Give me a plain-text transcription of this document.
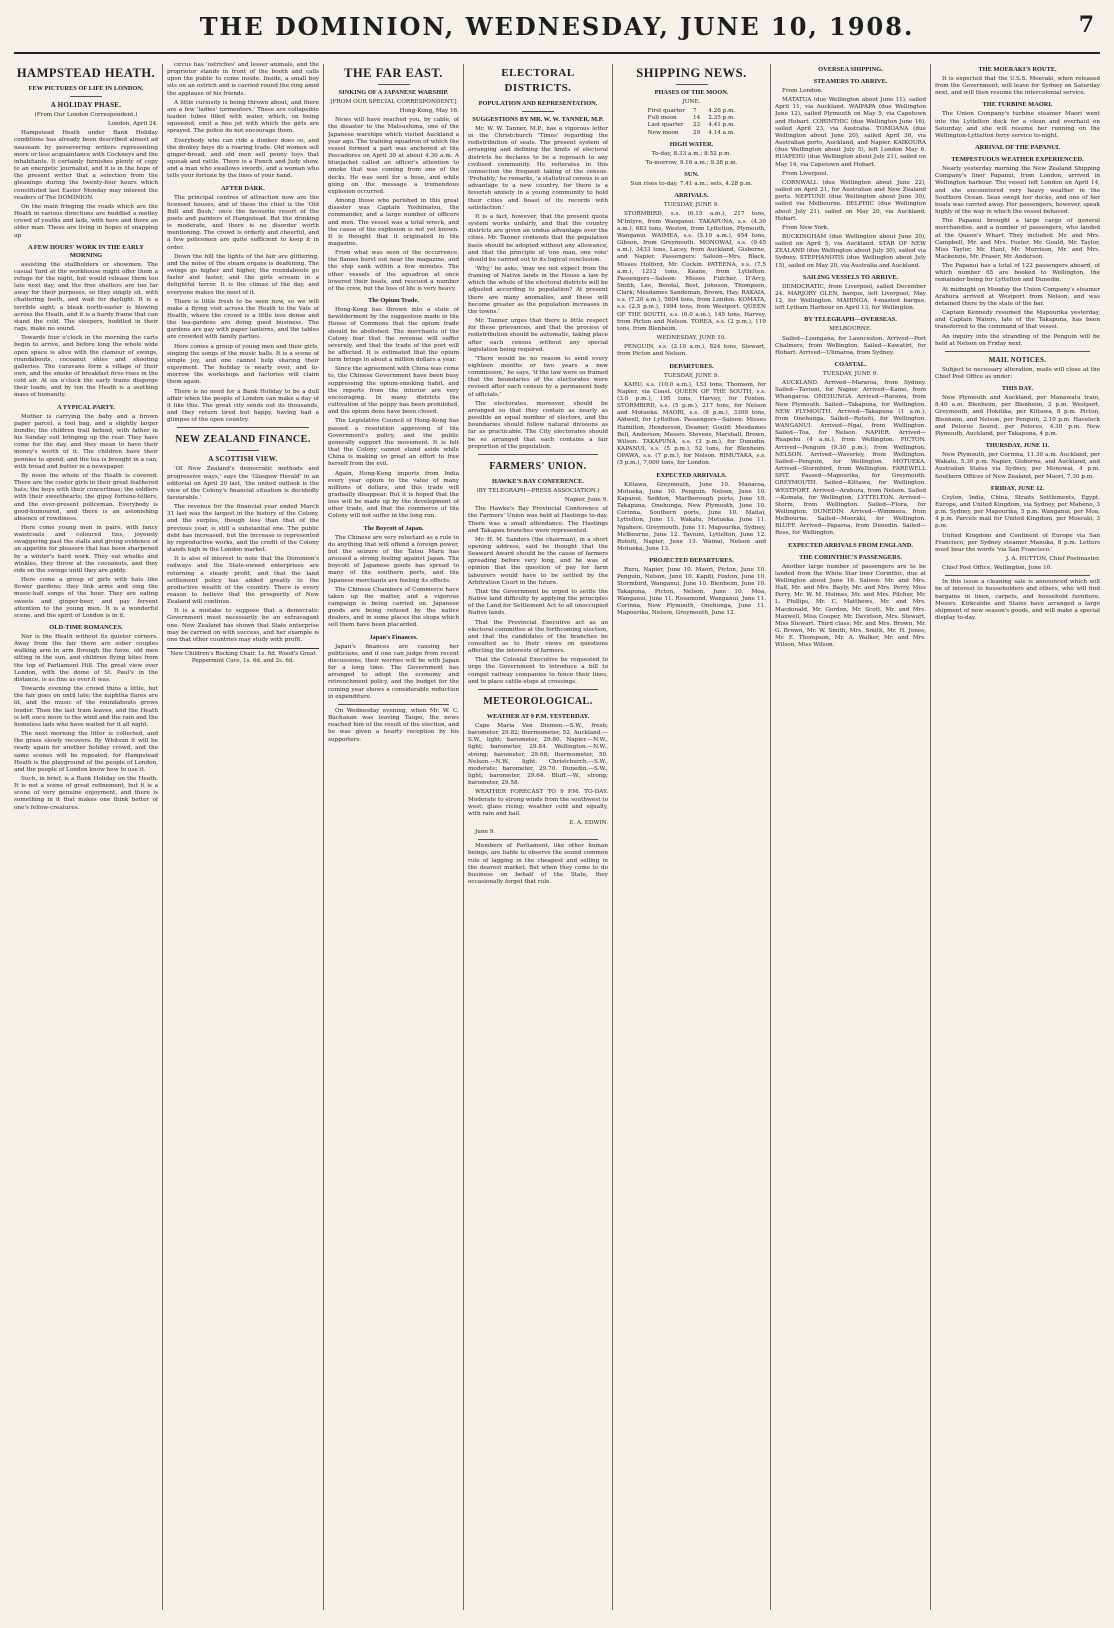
THE DOMINION, WEDNESDAY, JUNE 10, 1908.	7
HAMPSTEAD HEATH.
FEW PICTURES OF LIFE IN LONDON.
A HOLIDAY PHASE.

(From Our London Correspondent.)

London, April 24.

Hampstead Heath under Bank Holiday conditions has already been described almost ad nauseam by persevering writers representing more or less acquaintance with Cockneys and the inhabitants. It certainly furnishes plenty of copy to an energetic journalist, and it is in the hope of the present writer that a selection from the gleanings during the twenty-four hours which constituted last Easter Monday may interest the readers of The DOMINION.

On the main fringing the roads which are the Heath in various directions are huddled a motley crowd of youths and lads, with here and there an older man. These are living in hopes of snapping up

A FEW HOURS' WORK IN THE EARLY MORNING

assisting the stallholders or showmen. The casual Yard at the workhouse might offer them a refuge for the night, but would release them too late next day, and the free shelters are too far away for their purposes, so they simply sit, with chattering teeth, and wait for daylight. It is a terrible sight; a bleak north-easter is blowing across the Heath, and it is a hardy frame that can stand the cold. The sleepers, huddled in their rags, make no sound.

Towards four o'clock in the morning the carts begin to arrive, and before long the whole wide open space is alive with the clamour of swings, roundabouts, cocoanut shies and shooting galleries. The caravans form a village of their own, and the smoke of breakfast fires rises in the cold air. At six o'clock the early trams disgorge their loads, and by ten the Heath is a seething mass of humanity.

A TYPICAL PARTY.

Mother is carrying the baby and a brown paper parcel, a tool bag, and a slightly larger bundle; the children trail behind, with father in his Sunday suit bringing up the rear. They have come for the day, and they mean to have their money's worth of it. The children have their pennies to spend, and the tea is brought in a can, with bread and butter in a newspaper.

By noon the whole of the Heath is covered. There are the coster girls in their great feathered hats; the boys with their concertinas; the soldiers with their sweethearts; the gipsy fortune-tellers, and the ever-present policeman. Everybody is good-humoured, and there is an astonishing absence of rowdiness.

Here come young men in pairs, with fancy waistcoats and coloured ties, joyously swaggering past the stalls and giving evidence of an appetite for pleasure that has been sharpened by a winter's hard work. They eat whelks and winkles, they throw at the cocoanuts, and they ride on the swings until they are giddy.

Here come a group of girls with hats like flower gardens; they link arms and sing the music-hall songs of the hour. They are eating sweets and ginger-beer, and pay fervent attention to the young men. It is a wonderful scene, and the spirit of London is in it.

OLD-TIME ROMANCES.

Nor is the Heath without its quieter corners. Away from the fair there are sober couples walking arm in arm through the furze, old men sitting in the sun, and children flying kites from the top of Parliament Hill. The great view over London, with the dome of St. Paul's in the distance, is as fine as ever it was.

Towards evening the crowd thins a little, but the fair goes on until late; the naphtha flares are lit, and the music of the roundabouts grows louder. Then the last tram leaves, and the Heath is left once more to the wind and the rain and the homeless lads who have waited for it all night.

The next morning the litter is collected, and the grass slowly recovers. By Whitsun it will be ready again for another holiday crowd, and the same scenes will be repeated, for Hampstead Heath is the playground of the people of London, and the people of London know how to use it.

Such, in brief, is a Bank Holiday on the Heath. It is not a scene of great refinement, but it is a scene of very genuine enjoyment, and there is something in it that makes one think better of one's fellow-creatures.

circus has 'ostriches' and lesser animals, and the proprietor stands in front of the booth and calls upon the public to come inside. Inside, a small boy sits on an ostrich and is carried round the ring amid the applause of his friends.

A little curiosity is being thrown about, and there are a few 'ladies' tormentors.' These are collapsible leaden tubes filled with water, which, on being squeezed, emit a fine jet with which the girls are sprayed. The police do not encourage them.

Everybody who can ride a donkey does so, and the donkey boys do a roaring trade. Old women sell ginger-bread, and old men sell penny toys that squeak and rattle. There is a Punch and Judy show, and a man who swallows swords, and a woman who tells your fortune by the lines of your hand.

AFTER DARK.

The principal centres of attraction now are the licensed houses, and of these the chief is the 'Old Bull and Bush,' once the favourite resort of the poets and painters of Hampstead. But the drinking is moderate, and there is no disorder worth mentioning. The crowd is orderly and cheerful, and a few policemen are quite sufficient to keep it in order.

Down the hill the lights of the fair are glittering, and the noise of the steam organs is deafening. The swings go higher and higher, the roundabouts go faster and faster, and the girls scream in a delightful terror. It is the climax of the day, and everyone makes the most of it.

There is little fresh to be seen now, so we will make a flying visit across the Heath to the Vale of Health, where the crowd is a little less dense and the tea-gardens are doing good business. The gardens are gay with paper lanterns, and the tables are crowded with family parties.

Here comes a group of young men and their girls, singing the songs of the music halls. It is a scene of simple joy, and one cannot help sharing their enjoyment. The holiday is nearly over, and to-morrow the workshops and factories will claim them again.

There is no need for a Bank Holiday to be a dull affair when the people of London can make a day of it like this. The great city sends out its thousands, and they return tired but happy, having had a glimpse of the open country.

NEW ZEALAND FINANCE.
A SCOTTISH VIEW.

'Of New Zealand's democratic methods and progressive ways,' says the 'Glasgow Herald' in an editorial on April 20 last, 'the united outlook is the view of the Colony's financial situation is decidedly favourable.'

The revenue for the financial year ended March 31 last was the largest in the history of the Colony, and the surplus, though less than that of the previous year, is still a substantial one. The public debt has increased, but the increase is represented by reproductive works, and the credit of the Colony stands high in the London market.

It is also of interest to note that the Dominion's railways and the State-owned enterprises are returning a steady profit, and that the land settlement policy has added greatly to the productive wealth of the country. There is every reason to believe that the prosperity of New Zealand will continue.

It is a mistake to suppose that a democratic Government must necessarily be an extravagant one. New Zealand has shown that State enterprise may be carried on with success, and her example is one that other countries may study with profit.

New Children's Rocking Chair. 1s. 6d. Wood's Great Peppermint Cure, 1s. 6d. and 2s. 6d.
THE FAR EAST.
SINKING OF A JAPANESE WARSHIP.

[FROM OUR SPECIAL CORRESPONDENT.]

Hong-Kong, May 16.

News will have reached you, by cable, of the disaster to the Matsushima, one of the Japanese warships which visited Auckland a year ago. The training squadron of which the vessel formed a part was anchored at the Pescadores on April 30 at about 4.30 a.m. A bluejacket called an officer's attention to smoke that was coming from one of the decks. He was sent for a hose, and while going on the message a tremendous explosion occurred.

Among those who perished in this great disaster was Captain Yoshimatsu, the commander, and a large number of officers and men. The vessel was a total wreck, and the cause of the explosion is not yet known. It is thought that it originated in the magazine.

From what was seen of the occurrence, the flames burst out near the magazine, and the ship sank within a few minutes. The other vessels of the squadron at once lowered their boats, and rescued a number of the crew, but the loss of life is very heavy.

The Opium Trade.

Hong-Kong has thrown into a state of bewilderment by the suggestion made in the House of Commons that the opium trade should be abolished. The merchants of the Colony fear that the revenue will suffer severely, and that the trade of the port will be affected. It is estimated that the opium farm brings in about a million dollars a year.

Since the agreement with China was come to, the Chinese Government have been busy suppressing the opium-smoking habit, and the reports from the interior are very encouraging. In many districts the cultivation of the poppy has been prohibited, and the opium dens have been closed.

The Legislative Council of Hong-Kong has passed a resolution approving of the Government's policy, and the public generally support the movement. It is felt that the Colony cannot stand aside while China is making so great an effort to free herself from the evil.

Again, Hong-Kong imports from India every year opium to the value of many millions of dollars, and this trade will gradually disappear. But it is hoped that the loss will be made up by the development of other trade, and that the commerce of the Colony will not suffer in the long run.

The Boycott of Japan.

The Chinese are very reluctant as a rule to do anything that will offend a foreign power, but the seizure of the Tatsu Maru has aroused a strong feeling against Japan. The boycott of Japanese goods has spread to many of the southern ports, and the Japanese merchants are feeling its effects.

The Chinese Chambers of Commerce have taken up the matter, and a vigorous campaign is being carried on. Japanese goods are being refused by the native dealers, and in some places the shops which sell them have been placarded.

Japan's Finances.

Japan's finances are causing her politicians, and if one can judge from recent discussions, their worries will be with Japan for a long time. The Government has arranged to adopt the economy and retrenchment policy, and the budget for the coming year shows a considerable reduction in expenditure.

On Wednesday evening, when Mr. W. C. Buchanan was leaving Taupo, the news reached him of the result of the election, and he was given a hearty reception by his supporters.

ELECTORAL DISTRICTS.
POPULATION AND REPRESENTATION.
SUGGESTIONS BY MR. W. W. TANNER, M.P.

Mr. W. W. Tanner, M.P., has a vigorous letter in the Christchurch 'Times' regarding the redistribution of seats. The present system of arranging and defining the limits of electoral districts he declares to be a reproach to any civilised community. He reiterates in this connection the frequent taking of the census. 'Probably,' he remarks, 'a statistical census is an advantage to a new country, for there is a feverish anxiety in a young community to hold their cities and boast of its records with satisfaction.'

It is a fact, however, that the present quota system works unfairly, and that the country districts are given an undue advantage over the cities. Mr. Tanner contends that the population basis should be adopted without any allowance, and that the principle of 'one man, one vote' should be carried out to its logical conclusion.

'Why,' he asks, 'may we not expect from the framing of Native lands in the House a law by which the whole of the electoral districts will be adjusted according to population? At present there are many anomalies, and these will become greater as the population increases in the towns.'

Mr. Tanner urges that there is little respect for these grievances, and that the process of redistribution should be automatic, taking place after each census without any special legislation being required.

'There would be no reason to send every eighteen months or two years a new commission,' he says, 'if the law were so framed that the boundaries of the electorates were revised after each census by a permanent body of officials.'

The electorates, moreover, should be arranged so that they contain as nearly as possible an equal number of electors, and the boundaries should follow natural divisions as far as practicable. The City electorates should be so arranged that each contains a fair proportion of the population.

FARMERS' UNION.
HAWKE'S BAY CONFERENCE.

(BY TELEGRAPH—PRESS ASSOCIATION.)

Napier, June 9.

The Hawke's Bay Provincial Conference of the Farmers' Union was held at Hastings to-day. There was a small attendance. The Hastings and Takapau branches were represented.

Mr. H. M. Sanders (the chairman), in a short opening address, said he thought that the Seaward Award should be the cause of farmers spreading before very long, and he was of opinion that the question of pay for farm labourers would have to be settled by the Arbitration Court in the future.

That the Government be urged to settle the Native land difficulty by applying the principles of the Land for Settlement Act to all unoccupied Native lands.

That the Provincial Executive act as an electoral committee at the forthcoming election, and that the candidates of the branches be consulted as to their views on questions affecting the interests of farmers.

That the Colonial Executive be requested to urge the Government to introduce a bill to compel railway companies to fence their lines, and to place cattle-stops at crossings.

METEOROLOGICAL.
WEATHER AT 9 P.M. YESTERDAY.

Cape Maria Van Diemen.—S.W., fresh; barometer, 29.82; thermometer, 52. Auckland.—S.W., light; barometer, 29.80. Napier.—N.W., light; barometer, 29.84. Wellington.—N.W., strong; barometer, 29.68; thermometer, 50. Nelson.—N.W., light. Christchurch.—S.W., moderate; barometer, 29.70. Dunedin.—S.W., light; barometer, 29.64. Bluff.—W., strong; barometer, 29.58.

WEATHER FORECAST TO 9 P.M. TO-DAY. Moderate to strong winds from the southwest to west; glass rising; weather cold and squally, with rain and hail.

E. A. EDWIN.

June 9.

Members of Parliament, like other human beings, are liable to observe the sound common rule of lagging in the cheapest and selling in the dearest market. But when they come to do business on behalf of the State, they occasionally forget that rule.

SHIPPING NEWS.
PHASES OF THE MOON.

JUNE.

First quarter	7	4.26 p.m.
Full moon	14	2.35 p.m.
Last quarter	22	4.41 p.m.
New moon	29	4.14 a.m.
HIGH WATER.

To-day, 8.33 a.m.; 8.52 p.m.

To-morrow, 9.16 a.m.; 9.38 p.m.

SUN.

Sun rises to-day, 7.41 a.m.; sets, 4.28 p.m.

ARRIVALS.

TUESDAY, JUNE 9.

STORMBIRD, s.s. (6.15 a.m.), 217 tons, M'Intyre, from Wanganui. TAKAPUNA, s.s. (4.30 a.m.), 683 tons, Weston, from Lyttelton, Plymouth, Wanganui. WAIMEA, s.s. (5.10 a.m.), 454 tons, Gibson, from Greymouth. MONOWAI, s.s. (9.45 a.m.), 3433 tons, Lacey, from Auckland, Gisborne, and Napier. Passengers: Saloon—Mrs. Black, Misses Holford, Mr. Cockin. PATEENA, s.s. (7.5 a.m.), 1212 tons, Keane, from Lyttelton. Passengers—Saloon: Misses Fulcher, D'Arcy, Smith, Lee, Bendal, Best, Johnson, Thompson, Clark; Mesdames Sandeman, Brown, Hay. RAKAIA, s.s. (7.20 a.m.), 5604 tons, from London. KOMATA, s.s. (2.5 p.m.), 1994 tons, from Westport. QUEEN OF THE SOUTH, s.s. (6.0 a.m.), 145 tons, Harvey, from Picton and Nelson. TOREA, s.s. (2 p.m.), 119 tons, from Blenheim.

WEDNESDAY, JUNE 10.

PENGUIN, s.s. (2.10 a.m.), 824 tons, Stewart, from Picton and Nelson.

DEPARTURES.

TUESDAY, JUNE 9.

KAHU, s.s. (10.0 a.m.), 153 tons, Thomson, for Napier, via Coast. QUEEN OF THE SOUTH, s.s. (3.0 p.m.), 195 tons, Harvey, for Foxton. STORMBIRD, s.s. (5 p.m.), 217 tons, for Nelson and Motueka. MAORI, s.s. (8 p.m.), 3309 tons, Aldwell, for Lyttelton. Passengers—Saloon: Misses Hamilton, Henderson, Deamer, Gould; Mesdames Bell, Anderson; Messrs. Stevens, Marshall, Brown, Wilson. TAKAPUNA, s.s. (3 p.m.), for Dunedin. KAPANUI, s.s. (5 p.m.), 52 tons, for Blenheim. OPAWA, s.s. (7 p.m.), for Nelson. RIMUTAKA, s.s. (5 p.m.), 7,000 tons, for London.

EXPECTED ARRIVALS.

Kittawa, Greymouth, June 10. Manaroa, Motueka, June 10. Penguin, Nelson, June 10. Kapanui, Seddon, Marlborough ports, June 10. Takapuna, Onehunga, New Plymouth, June 10. Corinna, Southern ports, June 10. Maitai, Lyttelton, June 11. Wakatu, Motueka, June 11. Ngahere, Greymouth, June 11. Mapourika, Sydney, Melbourne, June 12. Taviuni, Lyttelton, June 12. Rotoiti, Napier, June 13. Wainui, Nelson and Motueka, June 13.

PROJECTED DEPARTURES.

Ruru, Napier, June 10. Maori, Picton, June 10. Penguin, Nelson, June 10. Kapiti, Foxton, June 10. Stormbird, Wanganui, June 10. Blenheim, June 10. Takapuna, Picton, Nelson, June 10. Moa, Wanganui, June 11. Rosamond, Wanganui, June 11. Corinna, New Plymouth, Onehunga, June 11. Mapourika, Nelson, Greymouth, June 12.

OVERSEA SHIPPING.
STEAMERS TO ARRIVE.

From London.

MATATUA (due Wellington about June 11), sailed April 11, via Auckland. WAIPAPA (due Wellington June 12), sailed Plymouth on May 5, via Capetown and Hobart. CORINTHIC (due Wellington June 16), sailed April 23, via Australia. TOMOANA (due Wellington about June 20), sailed April 30, via Australian ports, Auckland, and Napier. KAIKOURA (due Wellington about July 5), left London May 6. RUAPEHU (due Wellington about July 21), sailed on May 14, via Capetown and Hobart.

From Liverpool.

CORNWALL (due Wellington about June 22), sailed on April 21, for Australian and New Zealand ports. NEPTUNE (due Wellington about June 30), sailed via Melbourne. DELPHIC (due Wellington about July 21), sailed on May 20, via Auckland, Hobart.

From New York.

BUCKINGHAM (due Wellington about June 20), sailed on April 5, via Auckland. STAR OF NEW ZEALAND (due Wellington about July 30), sailed via Sydney. STEPHANOTIS (due Wellington about July 15), sailed on May 20, via Australia and Auckland.

SAILING VESSELS TO ARRIVE.

DEMOCRATIC, from Liverpool, sailed December 24. MARJORY GLEN, barque, left Liverpool, May 12, for Wellington. MAHINGA, 4-masted barque, left Lytham Harbour on April 13, for Wellington.

BY TELEGRAPH—OVERSEAS.

MELBOURNE.

Sailed—Loongana, for Launceston. Arrived—Port Chalmers, from Wellington. Sailed—Kawatiri, for Hobart. Arrived—Ulimaroa, from Sydney.

COASTAL.

TUESDAY, JUNE 9.

AUCKLAND. Arrived—Mararoa, from Sydney. Sailed—Taviuni, for Napier. Arrived—Kamo, from Whangaroa. ONEHUNGA. Arrived—Rarawa, from New Plymouth. Sailed—Takapuna, for Wellington. NEW PLYMOUTH. Arrived—Takapuna (1 a.m.), from Onehunga. Sailed—Rotoiti, for Wellington. WANGANUI. Arrived—Ngai, from Wellington. Sailed—Toa, for Nelson. NAPIER. Arrived—Ruapehu (4 a.m.), from Wellington. PICTON. Arrived—Penguin (9.30 p.m.), from Wellington. NELSON. Arrived—Waverley, from Wellington. Sailed—Penguin, for Wellington. MOTUEKA. Arrived—Stormbird, from Wellington. FAREWELL SPIT. Passed—Mapourika, for Greymouth. GREYMOUTH. Sailed—Kittawa, for Wellington. WESTPORT. Arrived—Arahura, from Nelson. Sailed—Komata, for Wellington. LYTTELTON. Arrived—Storm, from Wellington. Sailed—Flora, for Wellington. DUNEDIN. Arrived—Wimmera, from Melbourne. Sailed—Moeraki, for Wellington. BLUFF. Arrived—Paparoa, from Dunedin. Sailed—Ross, for Wellington.

EXPECTED ARRIVALS FROM ENGLAND.
THE CORINTHIC'S PASSENGERS.

Another large number of passengers are to be landed from the White Star liner Corinthic, due at Wellington about June 16. Saloon: Mr. and Mrs. Hall, Mr. and Mrs. Bayly, Mr. and Mrs. Perry, Miss Perry, Mr. W. M. Holmes, Mr. and Mrs. Pilcher, Mr. L. Phillips, Mr. C. Matthews, Mr. and Mrs. Macdonald, Mr. Gordon, Mr. Scott, Mr. and Mrs. Maxwell, Miss Cooper, Mr. Davidson, Mrs. Stewart, Miss Stewart. Third class: Mr. and Mrs. Brown, Mr. G. Brown, Mr. W. Smith, Mrs. Smith, Mr. H. Jones, Mr. E. Thompson, Mr. A. Walker, Mr. and Mrs. Wilson, Miss Wilson.

THE MOERAKI'S ROUTE.

It is expected that the U.S.S. Moeraki, when released from the Government, will leave for Sydney on Saturday next, and will then resume the intercolonial service.

THE TURBINE MAORI.

The Union Company's turbine steamer Maori went into the Lyttelton dock for a clean and overhaul on Saturday, and she will resume her running on the Wellington-Lyttelton ferry service to-night.

ARRIVAL OF THE PAPANUI.
TEMPESTUOUS WEATHER EXPERIENCED.

Nearly yesterday morning the New Zealand Shipping Company's liner Papanui, from London, arrived in Wellington harbour. The vessel left London on April 14, and she encountered very heavy weather in the Southern Ocean. Seas swept her decks, and one of her boats was carried away. Her passengers, however, speak highly of the way in which the vessel behaved.

The Papanui brought a large cargo of general merchandise, and a number of passengers, who landed at the Queen's Wharf. They included: Mr. and Mrs. Campbell, Mr. and Mrs. Foster, Mr. Gould, Mr. Taylor, Miss Taylor, Mr. Hunt, Mr. Morrison, Mr. and Mrs. Mackenzie, Mr. Fraser, Mr. Anderson.

The Papanui has a total of 122 passengers aboard, of which number 65 are booked to Wellington, the remainder being for Lyttelton and Dunedin.

At midnight on Monday the Union Company's steamer Arahura arrived at Westport from Nelson, and was detained there by the state of the bar.

Captain Kennedy resumed the Mapourika yesterday, and Captain Waters, late of the Takapuna, has been transferred to the command of that vessel.

An inquiry into the stranding of the Penguin will be held at Nelson on Friday next.

MAIL NOTICES.

Subject to necessary alteration, mails will close at the Chief Post Office as under:

THIS DAY.

New Plymouth and Auckland, per Manawatu train, 8.40 a.m. Blenheim, per Blenheim, 2 p.m. Westport, Greymouth, and Hokitika, per Kittawa, 8 p.m. Picton, Blenheim, and Nelson, per Penguin, 2.10 p.m. Havelock and Pelorus Sound, per Pelorus, 4.30 p.m. New Plymouth, Auckland, per Takapuna, 4 p.m.

THURSDAY, JUNE 11.

New Plymouth, per Corinna, 11.30 a.m. Auckland, per Wakatu, 5.30 p.m. Napier, Gisborne, and Auckland, and Australian States via Sydney, per Monowai, 4 p.m. Southern Offices of New Zealand, per Maori, 7.30 p.m.

FRIDAY, JUNE 12.

Ceylon, India, China, Straits Settlements, Egypt, Europe, and United Kingdom, via Sydney, per Maheno, 3 p.m. Sydney, per Mapourika, 5 p.m. Wanganui, per Moa, 4 p.m. Parcels mail for United Kingdom, per Moeraki, 3 p.m.

United Kingdom and Continent of Europe via San Francisco, per Sydney steamer Manuka, 8 p.m. Letters must bear the words 'via San Francisco.'

J. A. HUTTON, Chief Postmaster.

Chief Post Office, Wellington, June 10.

In this issue a cleaning sale is announced which will be of interest to householders and others, who will find bargains in linen, carpets, and household furniture. Messrs. Kirkcaldie and Stains have arranged a large shipment of new season's goods, and will make a special display to-day.
